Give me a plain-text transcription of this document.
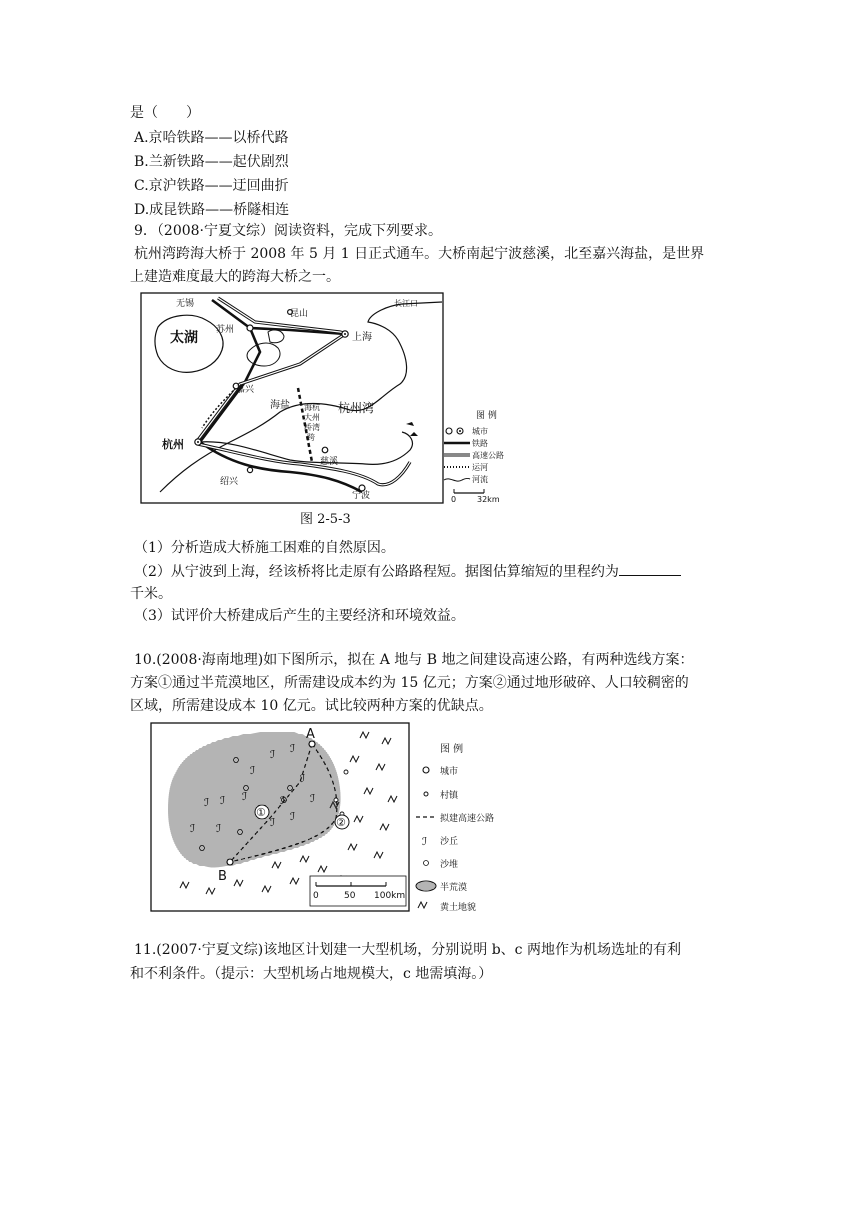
是（　　）
A.京哈铁路——以桥代路
B.兰新铁路——起伏剧烈
C.京沪铁路——迂回曲折
D.成昆铁路——桥隧相连
9．（2008·宁夏文综）阅读资料，完成下列要求。
杭州湾跨海大桥于 2008 年 5 月 1 日正式通车。大桥南起宁波慈溪，北至嘉兴海盐，是世界
上建造难度最大的跨海大桥之一。
无锡	长江口
昆山
苏州
太湖	上海
嘉兴
海盐	杭州湾
海杭
大州
桥湾
跨
杭州
慈溪
绍兴
宁波
图 例
城市
铁路
高速公路
运河
河流
0	32km
图 2-5-3
（1）分析造成大桥施工困难的自然原因。
（2）从宁波到上海，经该桥将比走原有公路路程短。据图估算缩短的里程约为
千米。
（3）试评价大桥建成后产生的主要经济和环境效益。
10.(2008·海南地理)如下图所示，拟在 A 地与 B 地之间建设高速公路，有两种选线方案：
方案①通过半荒漠地区，所需建设成本约为 15 亿元；方案②通过地形破碎、人口较稠密的
区域，所需建设成本 10 亿元。试比较两种方案的优缺点。
ℐ ℐ
ℐ
ℐ
ℐ ℐ
ℐ	ℐ ℐ
ℐ ℐ	ℐ ℐ
A
B
①
②
0	50 100km
图 例
城市
村镇
拟建高速公路
ℐ 沙丘
沙堆
半荒漠
黄土地貌
11.(2007·宁夏文综)该地区计划建一大型机场，分别说明 b、c 两地作为机场选址的有利
和不利条件。（提示：大型机场占地规模大，c 地需填海。）
